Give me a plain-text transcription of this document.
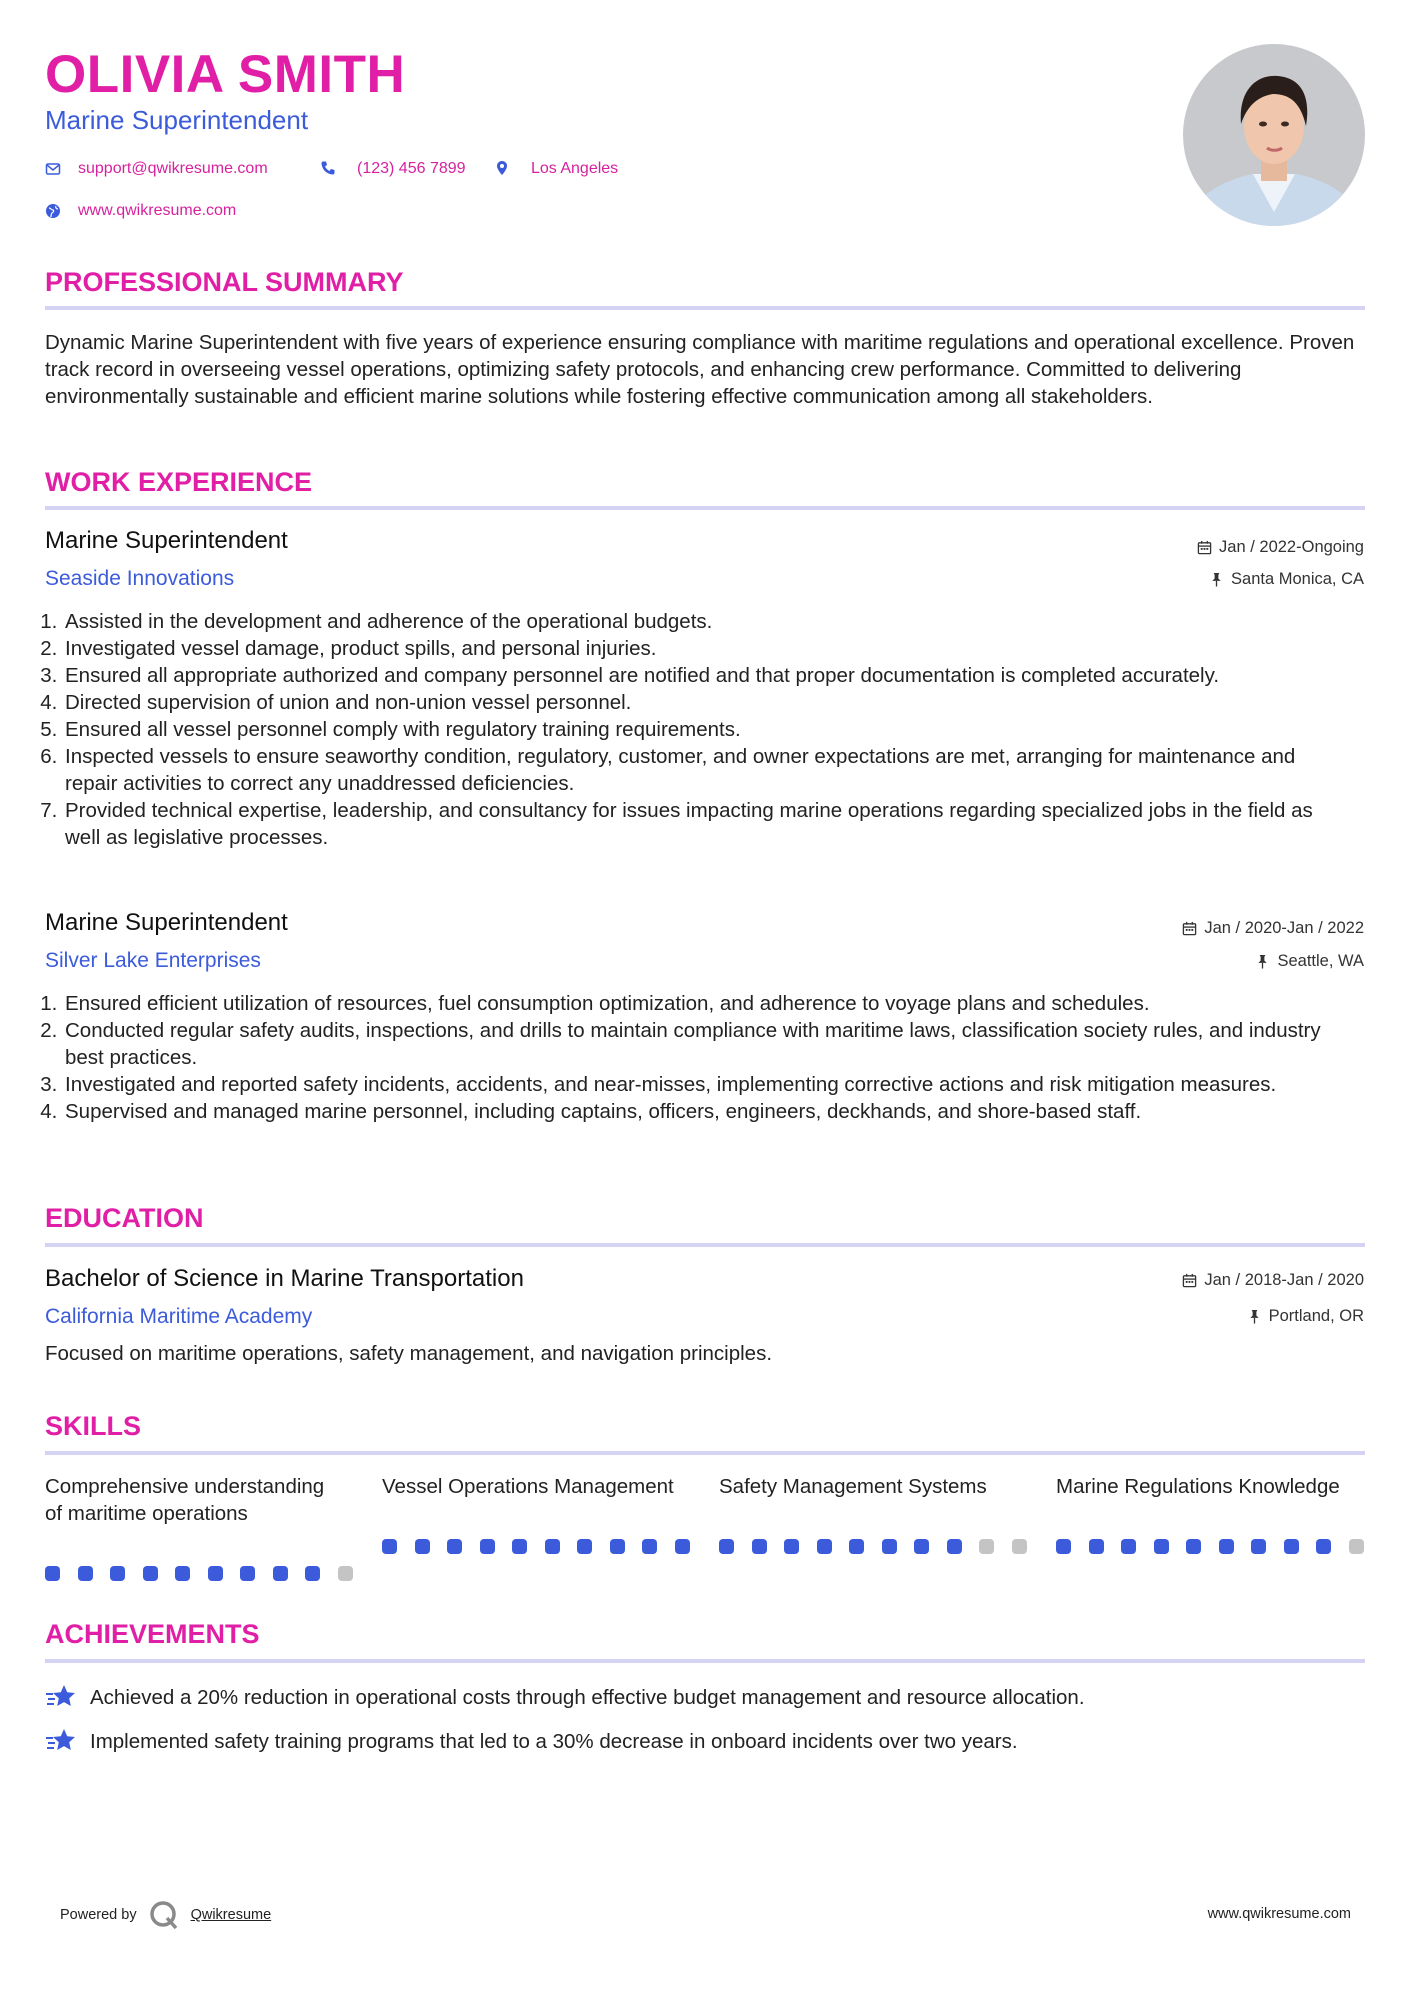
OLIVIA SMITH
Marine Superintendent
support@qwikresume.com	(123) 456 7899	Los Angeles
www.qwikresume.com
PROFESSIONAL SUMMARY
Dynamic Marine Superintendent with five years of experience ensuring compliance with maritime regulations and operational excellence. Proven track record in overseeing vessel operations, optimizing safety protocols, and enhancing crew performance. Committed to delivering environmentally sustainable and efficient marine solutions while fostering effective communication among all stakeholders.
WORK EXPERIENCE
Marine Superintendent	Jan / 2022-Ongoing
Seaside Innovations	Santa Monica, CA
1. Assisted in the development and adherence of the operational budgets.
2. Investigated vessel damage, product spills, and personal injuries.
3. Ensured all appropriate authorized and company personnel are notified and that proper documentation is completed accurately.
4. Directed supervision of union and non-union vessel personnel.
5. Ensured all vessel personnel comply with regulatory training requirements.
6. Inspected vessels to ensure seaworthy condition, regulatory, customer, and owner expectations are met, arranging for maintenance and repair activities to correct any unaddressed deficiencies.
7. Provided technical expertise, leadership, and consultancy for issues impacting marine operations regarding specialized jobs in the field as well as legislative processes.
Marine Superintendent	Jan / 2020-Jan / 2022
Silver Lake Enterprises	Seattle, WA
1. Ensured efficient utilization of resources, fuel consumption optimization, and adherence to voyage plans and schedules.
2. Conducted regular safety audits, inspections, and drills to maintain compliance with maritime laws, classification society rules, and industry best practices.
3. Investigated and reported safety incidents, accidents, and near-misses, implementing corrective actions and risk mitigation measures.
4. Supervised and managed marine personnel, including captains, officers, engineers, deckhands, and shore-based staff.
EDUCATION
Bachelor of Science in Marine Transportation	Jan / 2018-Jan / 2020
California Maritime Academy	Portland, OR
Focused on maritime operations, safety management, and navigation principles.
SKILLS
Comprehensive understanding of maritime operations
Vessel Operations Management	Safety Management Systems	Marine Regulations Knowledge
ACHIEVEMENTS
Achieved a 20% reduction in operational costs through effective budget management and resource allocation.
Implemented safety training programs that led to a 30% decrease in onboard incidents over two years.
Powered by	Qwikresume	www.qwikresume.com
